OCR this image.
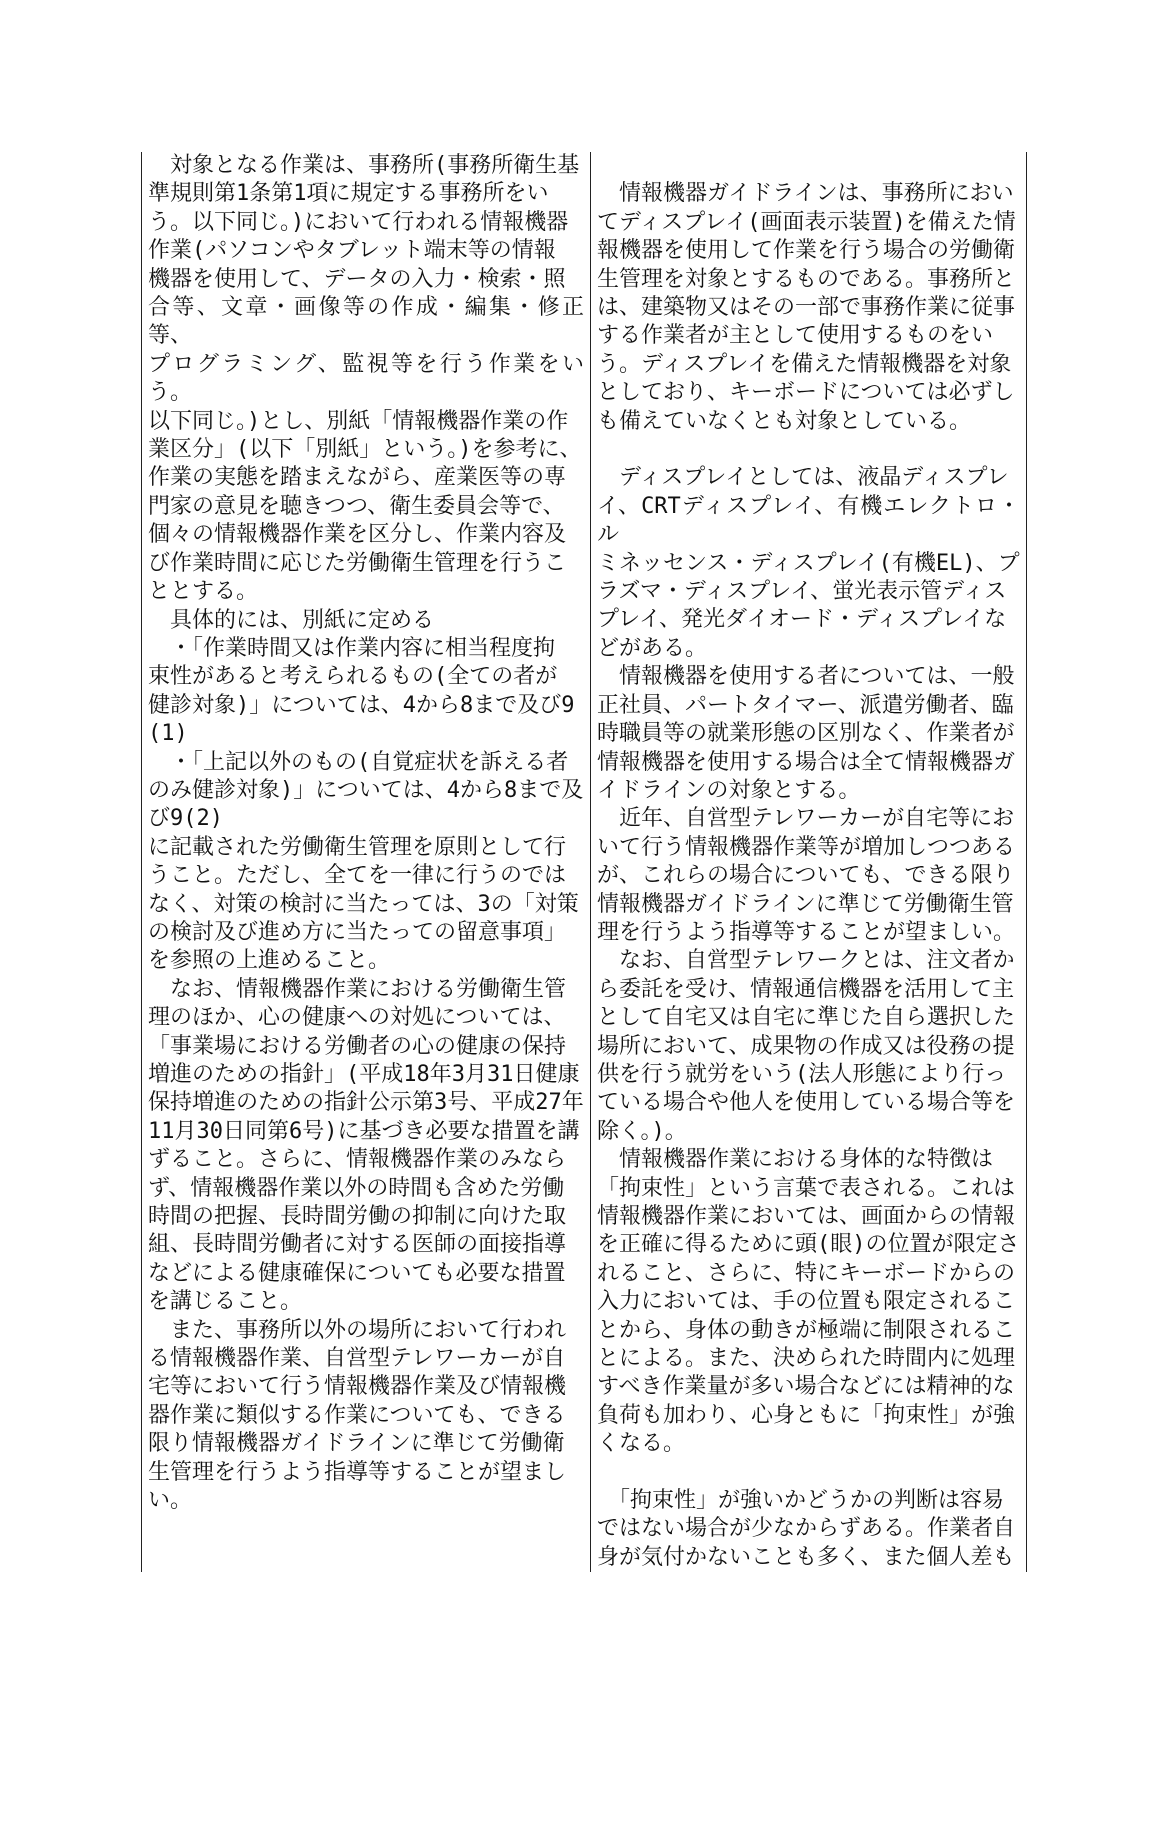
　対象となる作業は、事務所(事務所衛生基
準規則第1条第1項に規定する事務所をい
う。以下同じ。)において行われる情報機器
作業(パソコンやタブレット端末等の情報
機器を使用して、データの入力・検索・照
合等、文章・画像等の作成・編集・修正等、
プログラミング、監視等を行う作業をいう。
以下同じ。)とし、別紙「情報機器作業の作
業区分」(以下「別紙」という。)を参考に、
作業の実態を踏まえながら、産業医等の専
門家の意見を聴きつつ、衛生委員会等で、
個々の情報機器作業を区分し、作業内容及
び作業時間に応じた労働衛生管理を行うこ
ととする。
　具体的には、別紙に定める
　・「作業時間又は作業内容に相当程度拘
束性があると考えられるもの(全ての者が
健診対象)」については、4から8まで及び9
(1)
　・「上記以外のもの(自覚症状を訴える者
のみ健診対象)」については、4から8まで及
び9(2)
に記載された労働衛生管理を原則として行
うこと。ただし、全てを一律に行うのでは
なく、対策の検討に当たっては、3の「対策
の検討及び進め方に当たっての留意事項」
を参照の上進めること。
　なお、情報機器作業における労働衛生管
理のほか、心の健康への対処については、
「事業場における労働者の心の健康の保持
増進のための指針」(平成18年3月31日健康
保持増進のための指針公示第3号、平成27年
11月30日同第6号)に基づき必要な措置を講
ずること。さらに、情報機器作業のみなら
ず、情報機器作業以外の時間も含めた労働
時間の把握、長時間労働の抑制に向けた取
組、長時間労働者に対する医師の面接指導
などによる健康確保についても必要な措置
を講じること。
　また、事務所以外の場所において行われ
る情報機器作業、自営型テレワーカーが自
宅等において行う情報機器作業及び情報機
器作業に類似する作業についても、できる
限り情報機器ガイドラインに準じて労働衛
生管理を行うよう指導等することが望まし
い。
　情報機器ガイドラインは、事務所におい
てディスプレイ(画面表示装置)を備えた情
報機器を使用して作業を行う場合の労働衛
生管理を対象とするものである。事務所と
は、建築物又はその一部で事務作業に従事
する作業者が主として使用するものをい
う。ディスプレイを備えた情報機器を対象
としており、キーボードについては必ずし
も備えていなくとも対象としている。
　ディスプレイとしては、液晶ディスプレ
イ、CRTディスプレイ、有機エレクトロ・ル
ミネッセンス・ディスプレイ(有機EL)、プ
ラズマ・ディスプレイ、蛍光表示管ディス
プレイ、発光ダイオード・ディスプレイな
どがある。
　情報機器を使用する者については、一般
正社員、パートタイマー、派遣労働者、臨
時職員等の就業形態の区別なく、作業者が
情報機器を使用する場合は全て情報機器ガ
イドラインの対象とする。
　近年、自営型テレワーカーが自宅等にお
いて行う情報機器作業等が増加しつつある
が、これらの場合についても、できる限り
情報機器ガイドラインに準じて労働衛生管
理を行うよう指導等することが望ましい。
　なお、自営型テレワークとは、注文者か
ら委託を受け、情報通信機器を活用して主
として自宅又は自宅に準じた自ら選択した
場所において、成果物の作成又は役務の提
供を行う就労をいう(法人形態により行っ
ている場合や他人を使用している場合等を
除く。)。
　情報機器作業における身体的な特徴は
「拘束性」という言葉で表される。これは
情報機器作業においては、画面からの情報
を正確に得るために頭(眼)の位置が限定さ
れること、さらに、特にキーボードからの
入力においては、手の位置も限定されるこ
とから、身体の動きが極端に制限されるこ
とによる。また、決められた時間内に処理
すべき作業量が多い場合などには精神的な
負荷も加わり、心身ともに「拘束性」が強
くなる。
　「拘束性」が強いかどうかの判断は容易
ではない場合が少なからずある。作業者自
身が気付かないことも多く、また個人差も
